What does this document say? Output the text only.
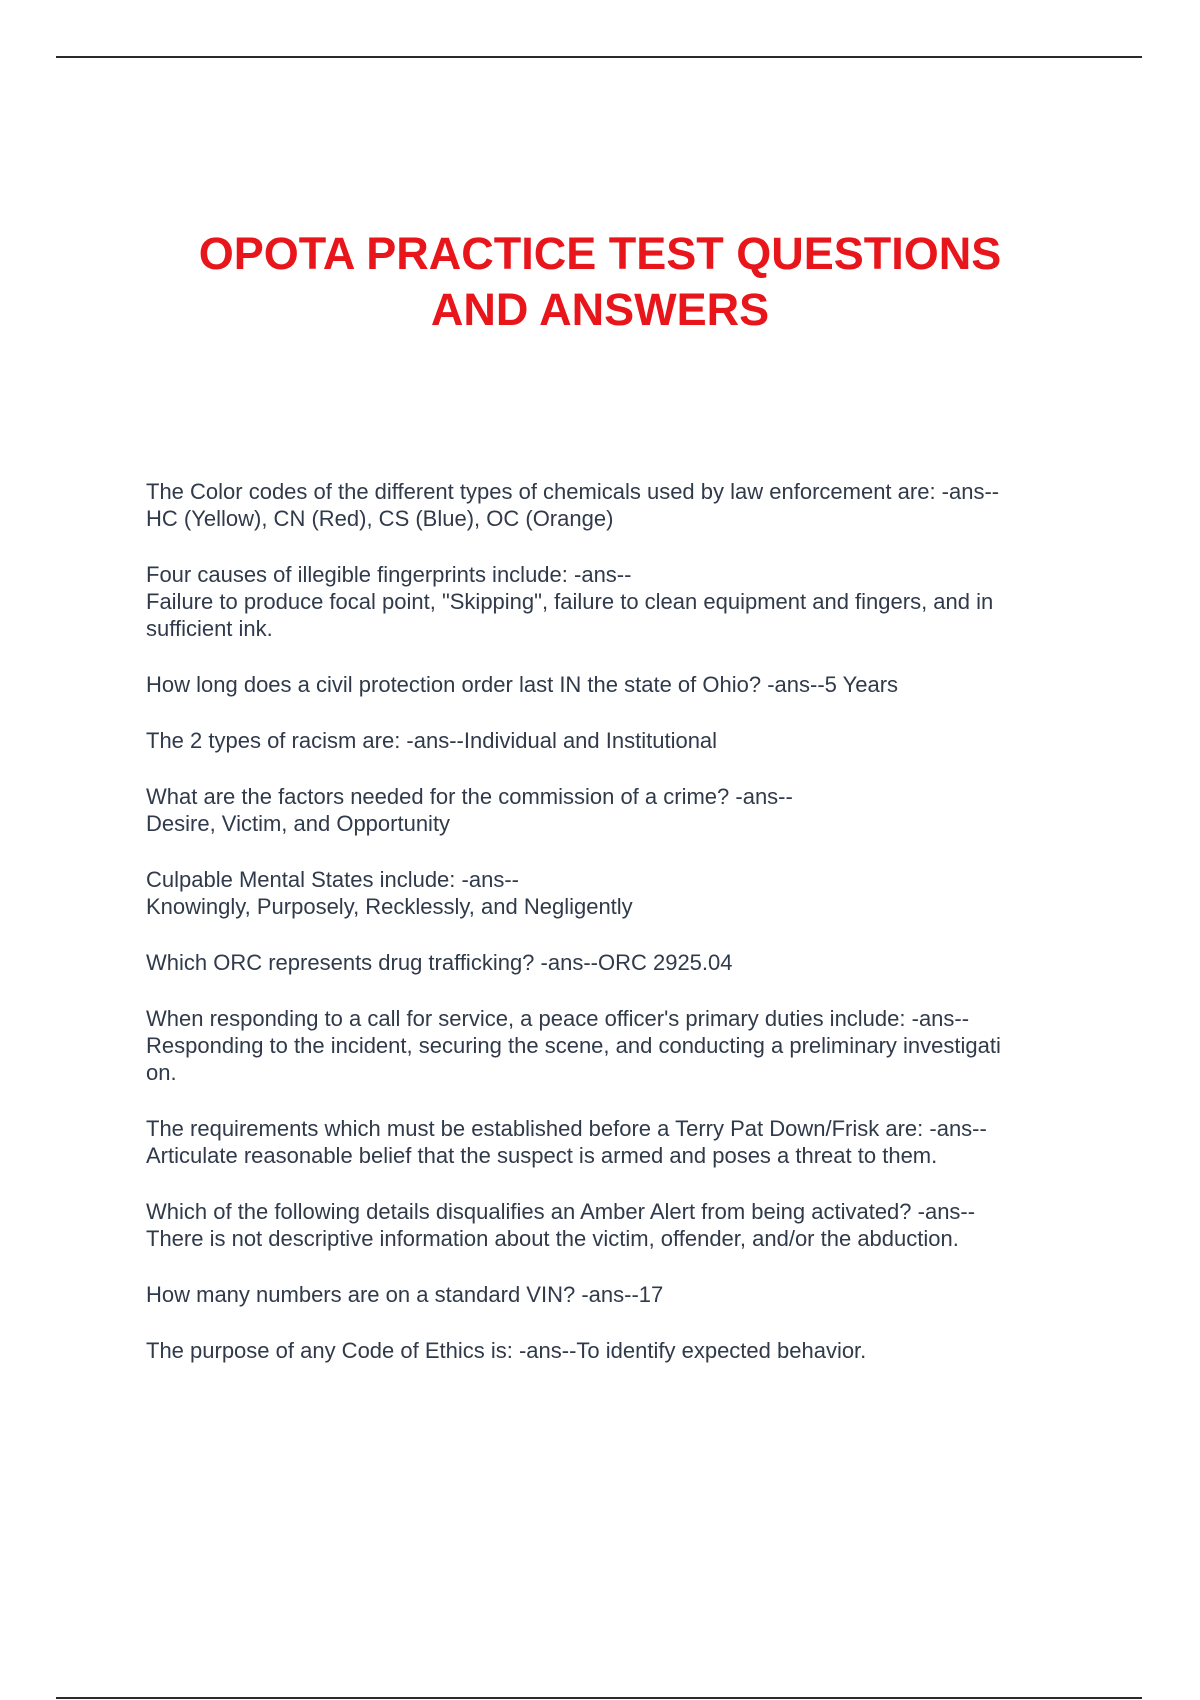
OPOTA PRACTICE TEST QUESTIONS
AND ANSWERS
The Color codes of the different types of chemicals used by law enforcement are: -ans--
HC (Yellow), CN (Red), CS (Blue), OC (Orange)
Four causes of illegible fingerprints include: -ans--
Failure to produce focal point, "Skipping", failure to clean equipment and fingers, and in
sufficient ink.
How long does a civil protection order last IN the state of Ohio? -ans--5 Years
The 2 types of racism are: -ans--Individual and Institutional
What are the factors needed for the commission of a crime? -ans--
Desire, Victim, and Opportunity
Culpable Mental States include: -ans--
Knowingly, Purposely, Recklessly, and Negligently
Which ORC represents drug trafficking? -ans--ORC 2925.04
When responding to a call for service, a peace officer's primary duties include: -ans--
Responding to the incident, securing the scene, and conducting a preliminary investigati
on.
The requirements which must be established before a Terry Pat Down/Frisk are: -ans--
Articulate reasonable belief that the suspect is armed and poses a threat to them.
Which of the following details disqualifies an Amber Alert from being activated? -ans--
There is not descriptive information about the victim, offender, and/or the abduction.
How many numbers are on a standard VIN? -ans--17
The purpose of any Code of Ethics is: -ans--To identify expected behavior.
